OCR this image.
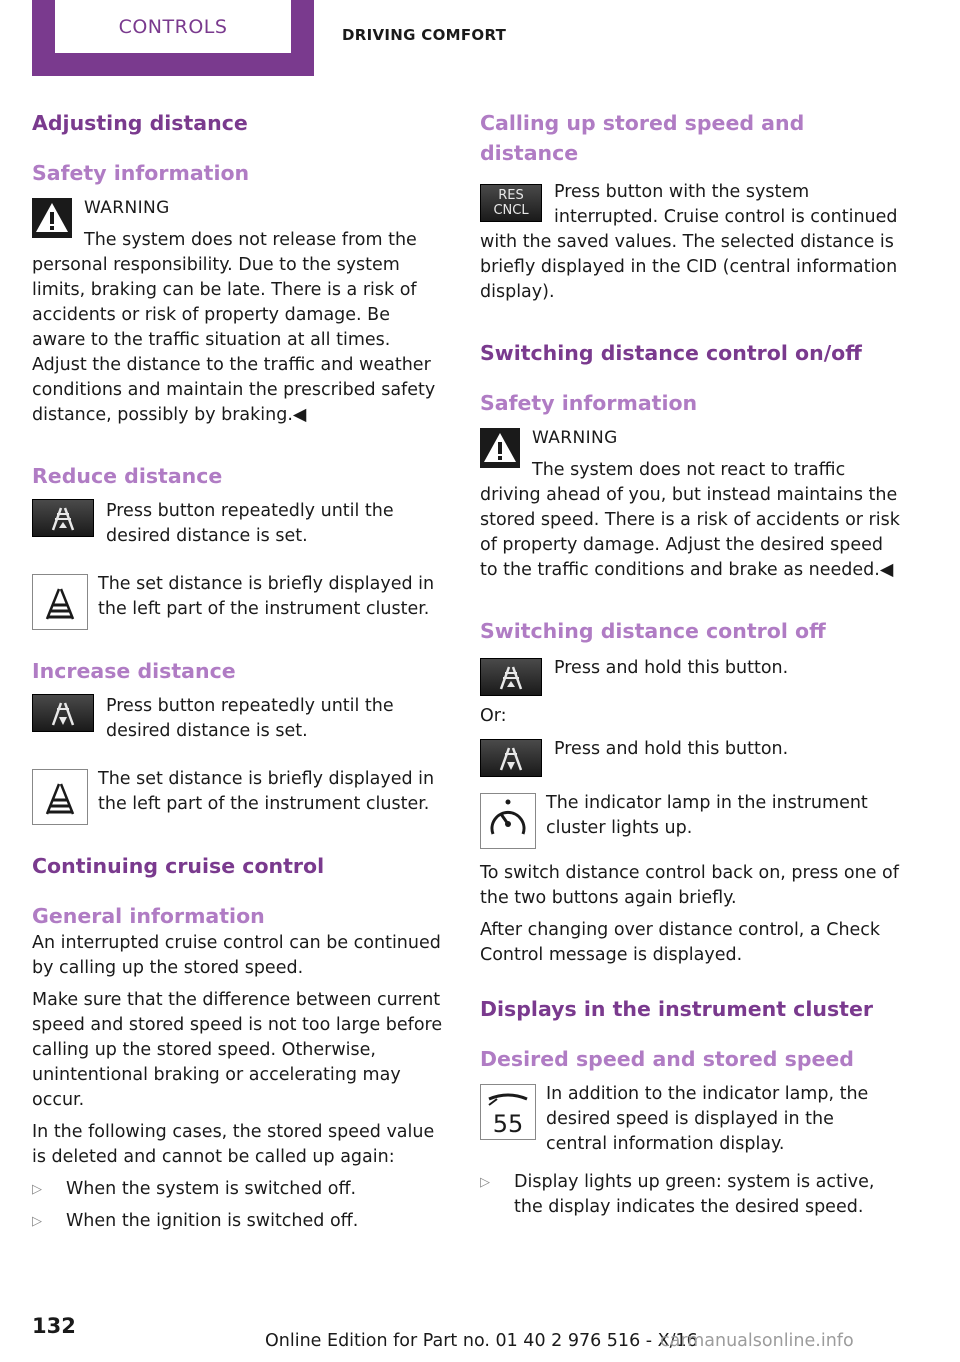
CONTROLS	DRIVING COMFORT
Adjusting distance
Safety information
WARNING
The system does not release from the personal responsibility. Due to the system limits, braking can be late. There is a risk of accidents or risk of property damage. Be aware to the traffic situation at all times. Adjust the distance to the traffic and weather conditions and maintain the prescribed safety distance, possibly by braking.◀
Reduce distance
Press button repeatedly until the desired distance is set.
The set distance is briefly displayed in the left part of the instrument cluster.
Increase distance
Press button repeatedly until the desired distance is set.
The set distance is briefly displayed in the left part of the instrument cluster.
Continuing cruise control
General information
An interrupted cruise control can be continued by calling up the stored speed.
Make sure that the difference between current speed and stored speed is not too large before calling up the stored speed. Otherwise, unintentional braking or accelerating may occur.
In the following cases, the stored speed value is deleted and cannot be called up again:
▷ When the system is switched off.
▷ When the ignition is switched off.
Calling up stored speed and distance
RES
CNCL
Press button with the system interrupted. Cruise control is continued with the saved values. The selected distance is briefly displayed in the CID (central information display).
Switching distance control on/off
Safety information
WARNING
The system does not react to traffic driving ahead of you, but instead maintains the stored speed. There is a risk of accidents or risk of property damage. Adjust the desired speed to the traffic conditions and brake as needed.◀
Switching distance control off
Press and hold this button.
Or:
Press and hold this button.
The indicator lamp in the instrument cluster lights up.
To switch distance control back on, press one of the two buttons again briefly.
After changing over distance control, a Check Control message is displayed.
Displays in the instrument cluster
Desired speed and stored speed
55
In addition to the indicator lamp, the desired speed is displayed in the central information display.
▷ Display lights up green: system is active, the display indicates the desired speed.
132
Online Edition for Part no. 01 40 2 976 516 - X/16
carmanualsonline.info
